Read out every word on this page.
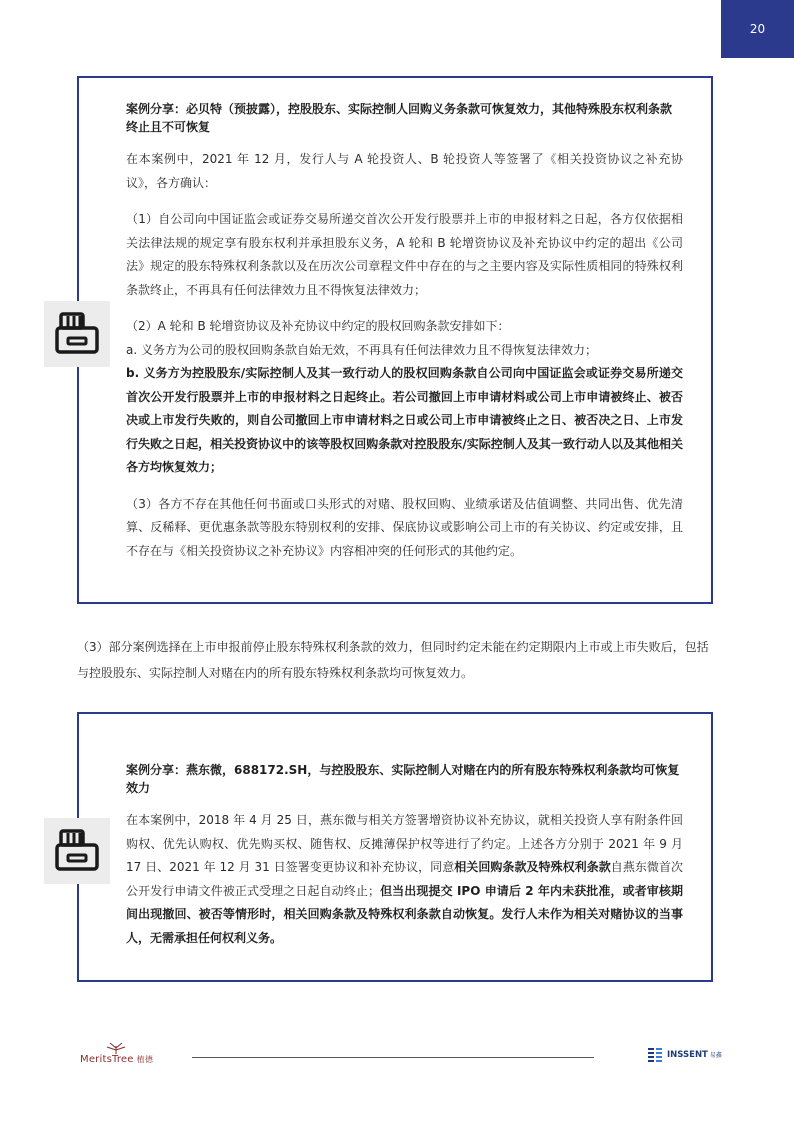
20

案例分享：必贝特（预披露），控股股东、实际控制人回购义务条款可恢复效力，其他特殊股东权利条款终止且不可恢复

在本案例中，2021 年 12 月，发行人与 A 轮投资人、B 轮投资人等签署了《相关投资协议之补充协议》，各方确认：

（1）自公司向中国证监会或证券交易所递交首次公开发行股票并上市的申报材料之日起，各方仅依据相关法律法规的规定享有股东权利并承担股东义务，A 轮和 B 轮增资协议及补充协议中约定的超出《公司法》规定的股东特殊权利条款以及在历次公司章程文件中存在的与之主要内容及实际性质相同的特殊权利条款终止，不再具有任何法律效力且不得恢复法律效力；

（2）A 轮和 B 轮增资协议及补充协议中约定的股权回购条款安排如下：

a. 义务方为公司的股权回购条款自始无效，不再具有任何法律效力且不得恢复法律效力；

b. 义务方为控股股东/实际控制人及其一致行动人的股权回购条款自公司向中国证监会或证券交易所递交首次公开发行股票并上市的申报材料之日起终止。若公司撤回上市申请材料或公司上市申请被终止、被否决或上市发行失败的，则自公司撤回上市申请材料之日或公司上市申请被终止之日、被否决之日、上市发行失败之日起，相关投资协议中的该等股权回购条款对控股股东/实际控制人及其一致行动人以及其他相关各方均恢复效力；

（3）各方不存在其他任何书面或口头形式的对赌、股权回购、业绩承诺及估值调整、共同出售、优先清算、反稀释、更优惠条款等股东特别权利的安排、保底协议或影响公司上市的有关协议、约定或安排，且不存在与《相关投资协议之补充协议》内容相冲突的任何形式的其他约定。

（3）部分案例选择在上市申报前停止股东特殊权利条款的效力，但同时约定未能在约定期限内上市或上市失败后，包括与控股股东、实际控制人对赌在内的所有股东特殊权利条款均可恢复效力。

案例分享：燕东微，688172.SH，与控股股东、实际控制人对赌在内的所有股东特殊权利条款均可恢复效力

在本案例中，2018 年 4 月 25 日，燕东微与相关方签署增资协议补充协议，就相关投资人享有附条件回购权、优先认购权、优先购买权、随售权、反摊薄保护权等进行了约定。上述各方分别于 2021 年 9 月 17 日、2021 年 12 月 31 日签署变更协议和补充协议，同意相关回购条款及特殊权利条款自燕东微首次公开发行申请文件被正式受理之日起自动终止；但当出现提交 IPO 申请后 2 年内未获批准，或者审核期间出现撤回、被否等情形时，相关回购条款及特殊权利条款自动恢复。发行人未作为相关对赌协议的当事人，无需承担任何权利义务。

MeritsTree 植德	INSSENT 易鑫
